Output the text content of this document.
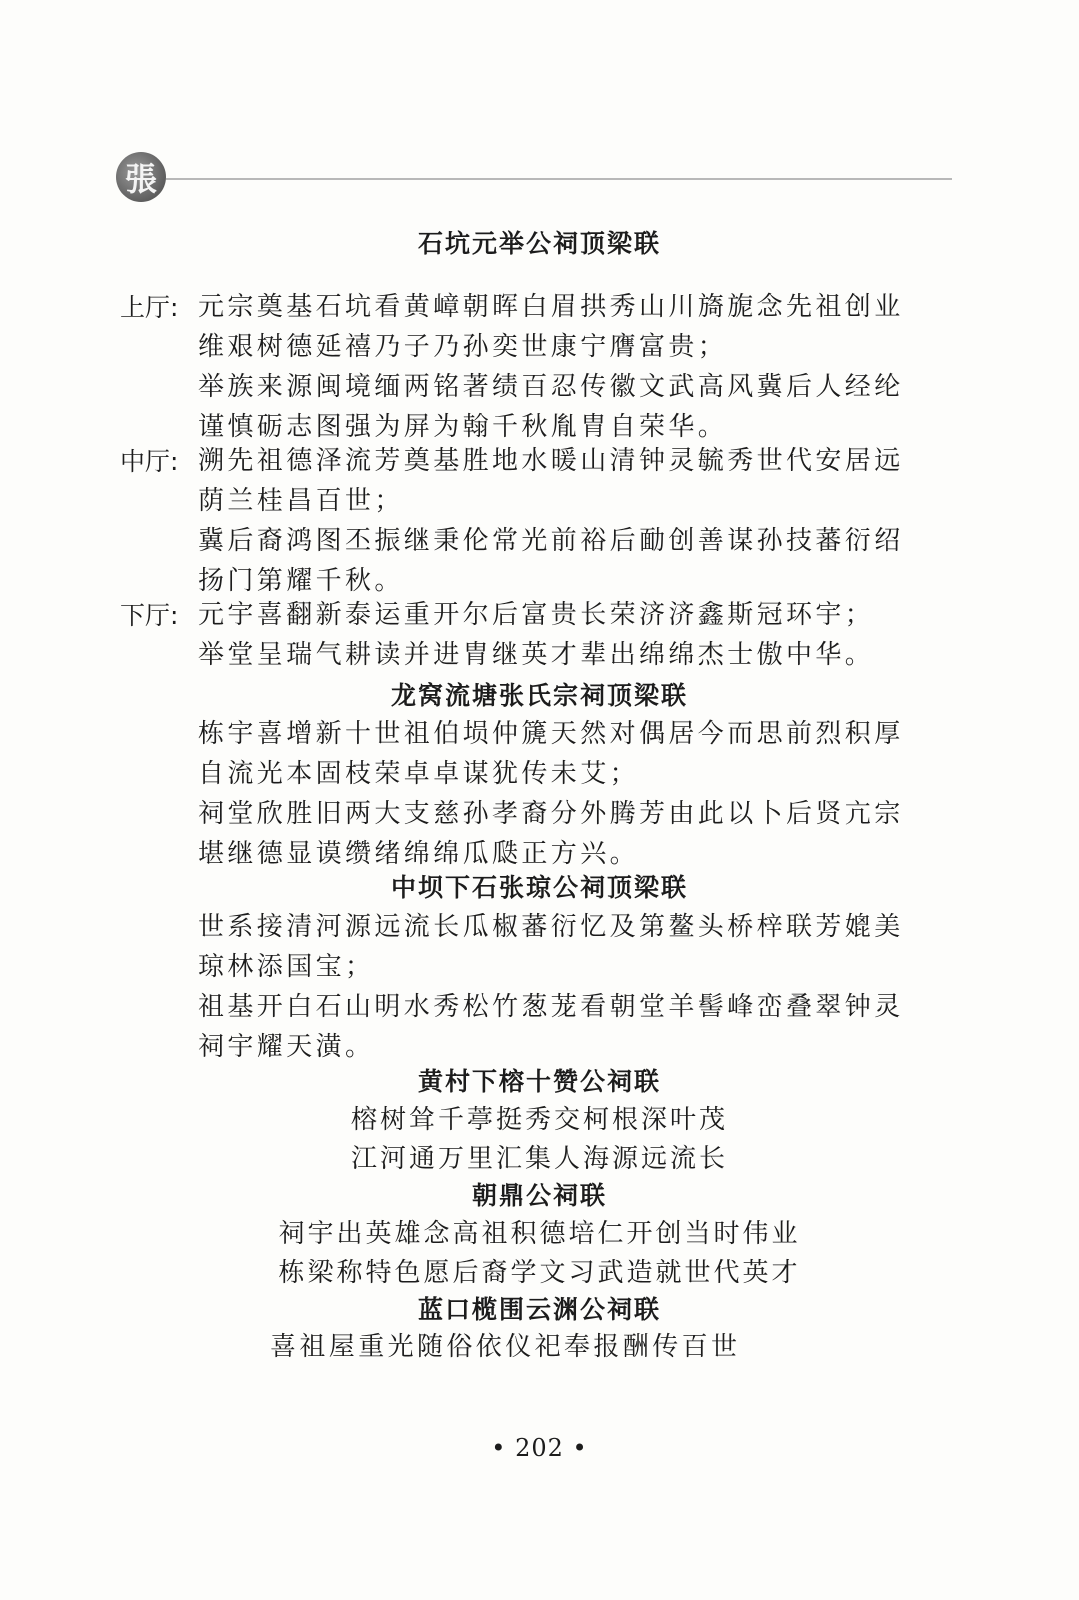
張
石坑元举公祠顶梁联
上厅: 元宗奠基石坑看黄嶂朝晖白眉拱秀山川旖旎念先祖创业
维艰树德延禧乃子乃孙奕世康宁膺富贵；
举族来源闽境缅两铭著绩百忍传徽文武高风冀后人经纶
谨慎砺志图强为屏为翰千秋胤胄自荣华。
中厅: 溯先祖德泽流芳奠基胜地水暖山清钟灵毓秀世代安居远
荫兰桂昌百世；
冀后裔鸿图丕振继秉伦常光前裕后勔创善谋孙技蕃衍绍
扬门第耀千秋。
下厅: 元宇喜翻新泰运重开尔后富贵长荣济济鑫斯冠环宇；
举堂呈瑞气耕读并进胄继英才辈出绵绵杰士傲中华。
龙窝流塘张氏宗祠顶梁联
栋宇喜增新十世祖伯埙仲篪天然对偶居今而思前烈积厚
自流光本固枝荣卓卓谋犹传未艾；
祠堂欣胜旧两大支慈孙孝裔分外腾芳由此以卜后贤亢宗
堪继德显谟缵绪绵绵瓜瓞正方兴。
中坝下石张琼公祠顶梁联
世系接清河源远流长瓜椒蕃衍忆及第鳌头桥梓联芳媲美
琼林添国宝；
祖基开白石山明水秀松竹葱茏看朝堂羊髻峰峦叠翠钟灵
祠宇耀天潢。
黄村下榕十赞公祠联
榕树耸千葶挺秀交柯根深叶茂
江河通万里汇集人海源远流长
朝鼎公祠联
祠宇出英雄念高祖积德培仁开创当时伟业
栋梁称特色愿后裔学文习武造就世代英才
蓝口榄围云渊公祠联
喜祖屋重光随俗依仪祀奉报酬传百世
• 202 •
